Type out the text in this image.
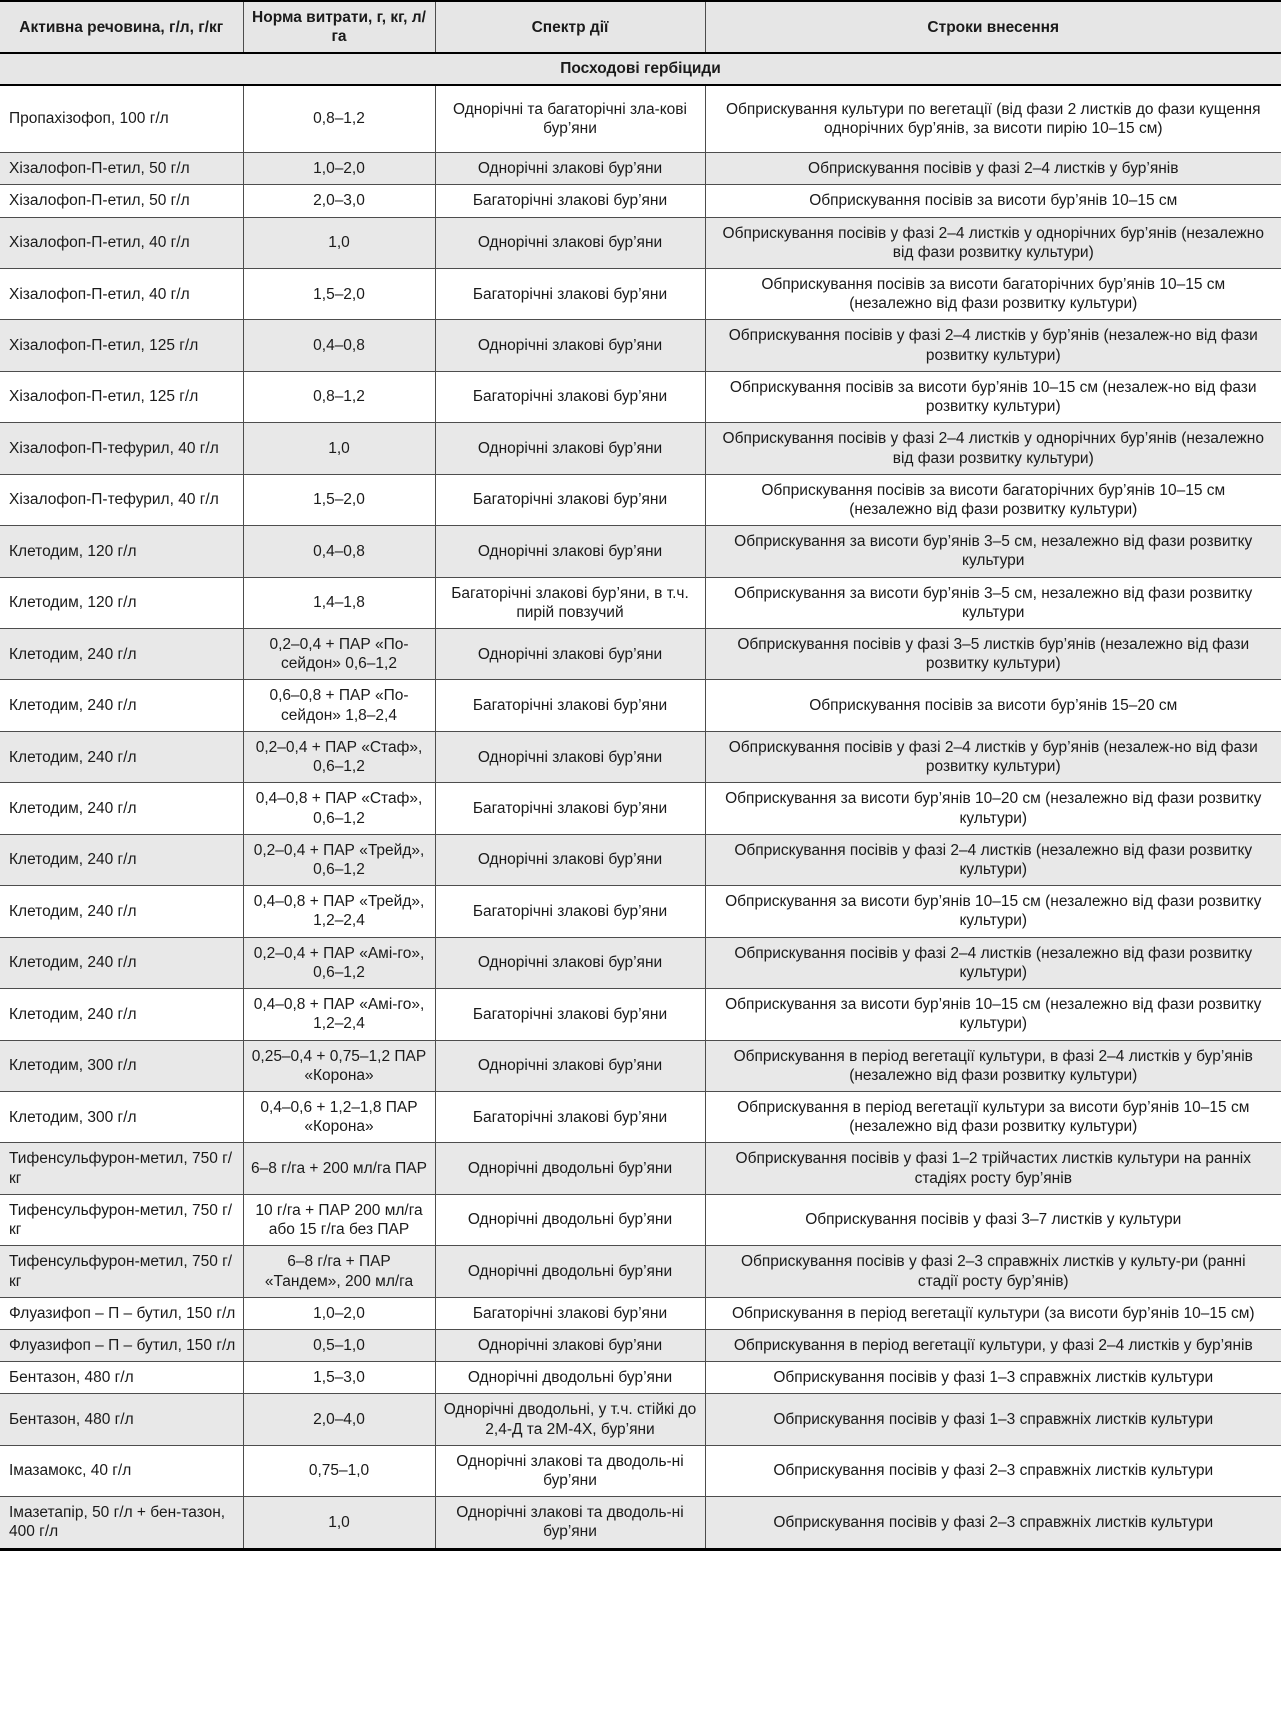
Активна речовина, г/л, г/кг	Норма витрати, г, кг, л/га	Спектр дії	Строки внесення
Посходові гербіциди			
Пропахізофоп, 100 г/л	0,8–1,2	Однорічні та багаторічні зла-кові бур’яни	Обприскування культури по вегетації (від фази 2 листків до фази кущення однорічних бур’янів, за висоти пирію 10–15 см)
Хізалофоп-П-етил, 50 г/л	1,0–2,0	Однорічні злакові бур’яни	Обприскування посівів у фазі 2–4 листків у бур’янів
Хізалофоп-П-етил, 50 г/л	2,0–3,0	Багаторічні злакові бур’яни	Обприскування посівів за висоти бур’янів 10–15 см
Хізалофоп-П-етил, 40 г/л	1,0	Однорічні злакові бур’яни	Обприскування посівів у фазі 2–4 листків у однорічних бур’янів (незалежно від фази розвитку культури)
Хізалофоп-П-етил, 40 г/л	1,5–2,0	Багаторічні злакові бур’яни	Обприскування посівів за висоти багаторічних бур’янів 10–15 см (незалежно від фази розвитку культури)
Хізалофоп-П-етил, 125 г/л	0,4–0,8	Однорічні злакові бур’яни	Обприскування посівів у фазі 2–4 листків у бур’янів (незалеж-но від фази розвитку культури)
Хізалофоп-П-етил, 125 г/л	0,8–1,2	Багаторічні злакові бур’яни	Обприскування посівів за висоти бур’янів 10–15 см (незалеж-но від фази розвитку культури)
Хізалофоп-П-тефурил, 40 г/л	1,0	Однорічні злакові бур’яни	Обприскування посівів у фазі 2–4 листків у однорічних бур’янів (незалежно від фази розвитку культури)
Хізалофоп-П-тефурил, 40 г/л	1,5–2,0	Багаторічні злакові бур’яни	Обприскування посівів за висоти багаторічних бур’янів 10–15 см (незалежно від фази розвитку культури)
Клетодим, 120 г/л	0,4–0,8	Однорічні злакові бур’яни	Обприскування за висоти бур’янів 3–5 см, незалежно від фази розвитку культури
Клетодим, 120 г/л	1,4–1,8	Багаторічні злакові бур’яни, в т.ч. пирій повзучий	Обприскування за висоти бур’янів 3–5 см, незалежно від фази розвитку культури
Клетодим, 240 г/л	0,2–0,4 + ПАР «По-сейдон» 0,6–1,2	Однорічні злакові бур’яни	Обприскування посівів у фазі 3–5 листків бур’янів (незалежно від фази розвитку культури)
Клетодим, 240 г/л	0,6–0,8 + ПАР «По-сейдон» 1,8–2,4	Багаторічні злакові бур’яни	Обприскування посівів за висоти бур’янів 15–20 см
Клетодим, 240 г/л	0,2–0,4 + ПАР «Стаф», 0,6–1,2	Однорічні злакові бур’яни	Обприскування посівів у фазі 2–4 листків у бур’янів (незалеж-но від фази розвитку культури)
Клетодим, 240 г/л	0,4–0,8 + ПАР «Стаф», 0,6–1,2	Багаторічні злакові бур’яни	Обприскування за висоти бур’янів 10–20 см (незалежно від фази розвитку культури)
Клетодим, 240 г/л	0,2–0,4 + ПАР «Трейд», 0,6–1,2	Однорічні злакові бур’яни	Обприскування посівів у фазі 2–4 листків (незалежно від фази розвитку культури)
Клетодим, 240 г/л	0,4–0,8 + ПАР «Трейд», 1,2–2,4	Багаторічні злакові бур’яни	Обприскування за висоти бур’янів 10–15 см (незалежно від фази розвитку культури)
Клетодим, 240 г/л	0,2–0,4 + ПАР «Амі-го», 0,6–1,2	Однорічні злакові бур’яни	Обприскування посівів у фазі 2–4 листків (незалежно від фази розвитку культури)
Клетодим, 240 г/л	0,4–0,8 + ПАР «Амі-го», 1,2–2,4	Багаторічні злакові бур’яни	Обприскування за висоти бур’янів 10–15 см (незалежно від фази розвитку культури)
Клетодим, 300 г/л	0,25–0,4 + 0,75–1,2 ПАР «Корона»	Однорічні злакові бур’яни	Обприскування в період вегетації культури, в фазі 2–4 листків у бур’янів (незалежно від фази розвитку культури)
Клетодим, 300 г/л	0,4–0,6 + 1,2–1,8 ПАР «Корона»	Багаторічні злакові бур’яни	Обприскування в період вегетації культури за висоти бур’янів 10–15 см (незалежно від фази розвитку культури)
Тифенсульфурон-метил, 750 г/кг	6–8 г/га + 200 мл/га ПАР	Однорічні дводольні бур’яни	Обприскування посівів у фазі 1–2 трійчастих листків культури на ранніх стадіях росту бур’янів
Тифенсульфурон-метил, 750 г/кг	10 г/га + ПАР 200 мл/га або 15 г/га без ПАР	Однорічні дводольні бур’яни	Обприскування посівів у фазі 3–7 листків у культури
Тифенсульфурон-метил, 750 г/кг	6–8 г/га + ПАР «Тандем», 200 мл/га	Однорічні дводольні бур’яни	Обприскування посівів у фазі 2–3 справжніх листків у культу-ри (ранні стадії росту бур’янів)
Флуазифоп – П – бутил, 150 г/л	1,0–2,0	Багаторічні злакові бур’яни	Обприскування в період вегетації культури (за висоти бур’янів 10–15 см)
Флуазифоп – П – бутил, 150 г/л	0,5–1,0	Однорічні злакові бур’яни	Обприскування в період вегетації культури, у фазі 2–4 листків у бур’янів
Бентазон, 480 г/л	1,5–3,0	Однорічні дводольні бур’яни	Обприскування посівів у фазі 1–3 справжніх листків культури
Бентазон, 480 г/л	2,0–4,0	Однорічні дводольні, у т.ч. стійкі до 2,4-Д та 2М-4Х, бур’яни	Обприскування посівів у фазі 1–3 справжніх листків культури
Імазамокс, 40 г/л	0,75–1,0	Однорічні злакові та дводоль-ні бур’яни	Обприскування посівів у фазі 2–3 справжніх листків культури
Імазетапір, 50 г/л + бен-тазон, 400 г/л	1,0	Однорічні злакові та дводоль-ні бур’яни	Обприскування посівів у фазі 2–3 справжніх листків культури
